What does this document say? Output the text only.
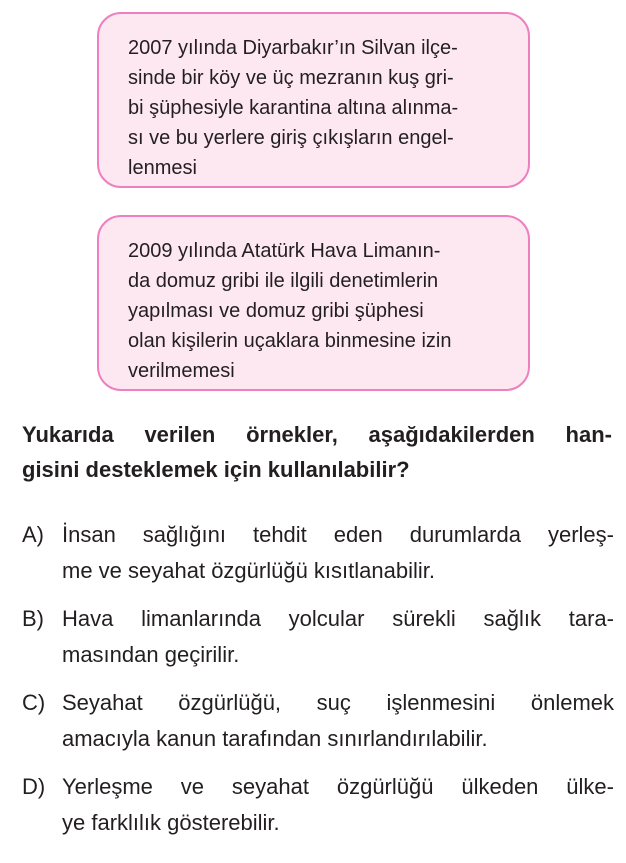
2007 yılında Diyarbakır’ın Silvan ilçe-
sinde bir köy ve üç mezranın kuş gri-
bi şüphesiyle karantina altına alınma-
sı ve bu yerlere giriş çıkışların engel-
lenmesi
2009 yılında Atatürk Hava Limanın-
da domuz gribi ile ilgili denetimlerin
yapılması ve domuz gribi şüphesi
olan kişilerin uçaklara binmesine izin
verilmemesi
Yukarıda verilen örnekler, aşağıdakilerden han-
gisini desteklemek için kullanılabilir?
A) İnsan sağlığını tehdit eden durumlarda yerleş-
me ve seyahat özgürlüğü kısıtlanabilir.
B) Hava limanlarında yolcular sürekli sağlık tara-
masından geçirilir.
C) Seyahat özgürlüğü, suç işlenmesini önlemek
amacıyla kanun tarafından sınırlandırılabilir.
D) Yerleşme ve seyahat özgürlüğü ülkeden ülke-
ye farklılık gösterebilir.
